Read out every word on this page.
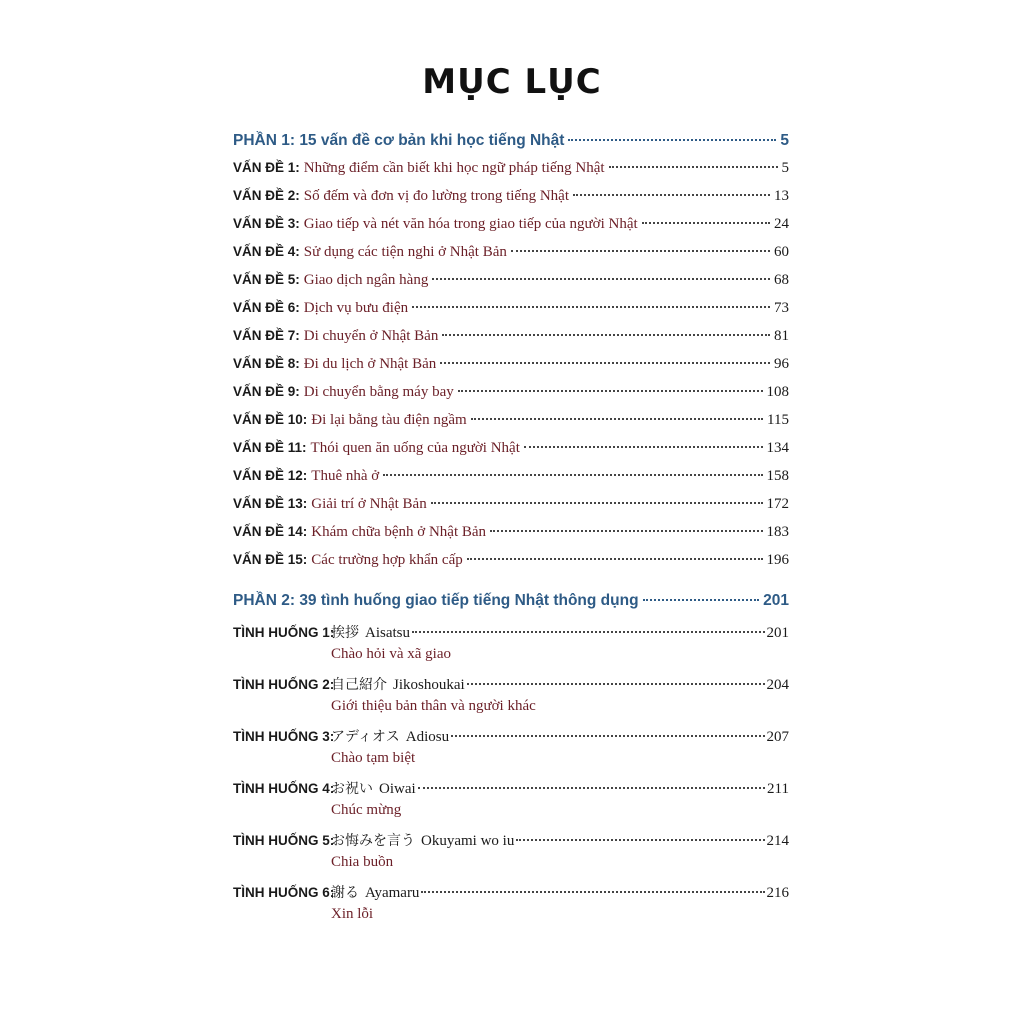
MỤC LỤC
PHẦN 1: 15 vấn đề cơ bản khi học tiếng Nhật	5
VẤN ĐỀ 1: Những điểm cần biết khi học ngữ pháp tiếng Nhật	5
VẤN ĐỀ 2: Số đếm và đơn vị đo lường trong tiếng Nhật	13
VẤN ĐỀ 3: Giao tiếp và nét văn hóa trong giao tiếp của người Nhật	24
VẤN ĐỀ 4: Sử dụng các tiện nghi ở Nhật Bản	60
VẤN ĐỀ 5: Giao dịch ngân hàng	68
VẤN ĐỀ 6: Dịch vụ bưu điện	73
VẤN ĐỀ 7: Di chuyển ở Nhật Bản	81
VẤN ĐỀ 8: Đi du lịch ở Nhật Bản	96
VẤN ĐỀ 9: Di chuyển bằng máy bay	108
VẤN ĐỀ 10: Đi lại bằng tàu điện ngầm	115
VẤN ĐỀ 11: Thói quen ăn uống của người Nhật	134
VẤN ĐỀ 12: Thuê nhà ở	158
VẤN ĐỀ 13: Giải trí ở Nhật Bản	172
VẤN ĐỀ 14: Khám chữa bệnh ở Nhật Bản	183
VẤN ĐỀ 15: Các trường hợp khẩn cấp	196
PHẦN 2: 39 tình huống giao tiếp tiếng Nhật thông dụng	201
TÌNH HUỐNG 1:
挨拶 Aisatsu	201
Chào hỏi và xã giao
TÌNH HUỐNG 2:
自己紹介 Jikoshoukai	204
Giới thiệu bản thân và người khác
TÌNH HUỐNG 3:
アディオス Adiosu	207
Chào tạm biệt
TÌNH HUỐNG 4:
お祝い Oiwai	211
Chúc mừng
TÌNH HUỐNG 5:
お悔みを言う Okuyami wo iu	214
Chia buồn
TÌNH HUỐNG 6:
謝る Ayamaru	216
Xin lỗi
